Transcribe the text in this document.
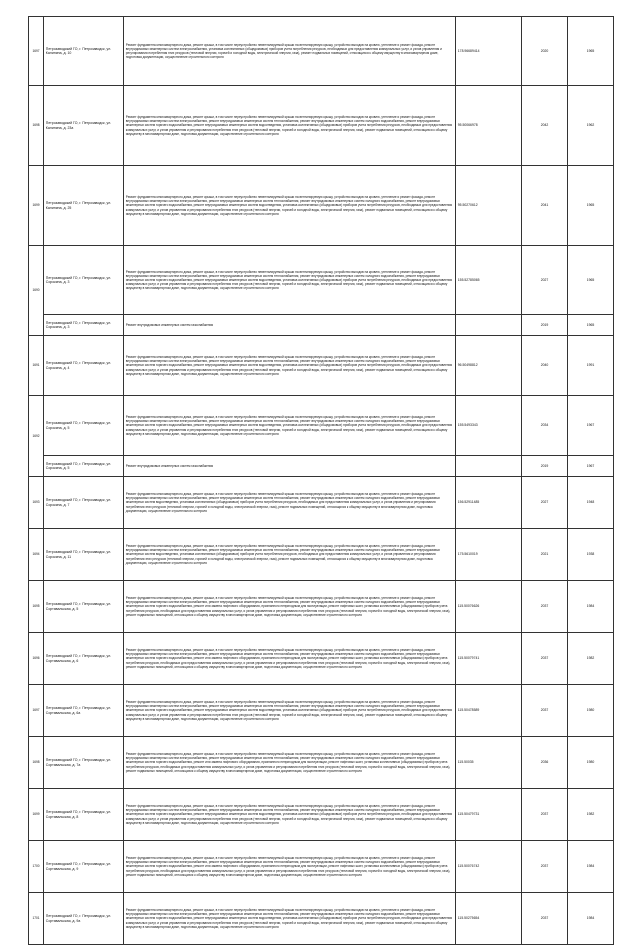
1697	Петрозаводский ГО, г. Петрозаводск, ул. Калинина, д. 10	Ремонт фундамента многоквартирного дома, ремонт крыши, в том числе переустройство невентилируемой крыши на вентилируемую крышу, устройство выходов на кровлю, утепление и ремонт фасада, ремонт внутридомовых инженерных систем электроснабжения, установка коллективных (общедомовых) приборов учета потребления ресурсов, необходимых для предоставления коммунальных услуг, и узлов управления и регулирования потребления этих ресурсов (тепловой энергии, горячей и холодной воды, электрической энергии, газа), ремонт подвальных помещений, относящихся к общему имуществу в многоквартирном доме, подготовка документации, осуществление строительного контроля	178.96689414	2020	1965
1698	Петрозаводский ГО, г. Петрозаводск, ул. Калинина, д. 23а	Ремонт фундамента многоквартирного дома, ремонт крыши, в том числе переустройство невентилируемой крыши на вентилируемую крышу, устройство выходов на кровлю, утепление и ремонт фасада, ремонт внутридомовых инженерных систем электроснабжения, ремонт внутридомовых инженерных систем теплоснабжения, ремонт внутридомовых инженерных систем холодного водоснабжения, ремонт внутридомовых инженерных систем горячего водоснабжения, ремонт внутридомовых инженерных систем водоотведения, установка коллективных (общедомовых) приборов учета потребления ресурсов, необходимых для предоставления коммунальных услуг, и узлов управления и регулирования потребления этих ресурсов (тепловой энергии, горячей и холодной воды, электрической энергии, газа), ремонт подвальных помещений, относящихся к общему имуществу в многоквартирном доме, подготовка документации, осуществление строительного контроля	95.50066978	2042	1962
1699	Петрозаводский ГО, г. Петрозаводск, ул. Калинина, д. 25	Ремонт фундамента многоквартирного дома, ремонт крыши, в том числе переустройство невентилируемой крыши на вентилируемую крышу, устройство выходов на кровлю, утепление и ремонт фасада, ремонт внутридомовых инженерных систем электроснабжения, ремонт внутридомовых инженерных систем теплоснабжения, ремонт внутридомовых инженерных систем холодного водоснабжения, ремонт внутридомовых инженерных систем горячего водоснабжения, ремонт внутридомовых инженерных систем водоотведения, установка коллективных (общедомовых) приборов учета потребления ресурсов, необходимых для предоставления коммунальных услуг, и узлов управления и регулирования потребления этих ресурсов (тепловой энергии, горячей и холодной воды, электрической энергии, газа), ремонт подвальных помещений, относящихся к общему имуществу в многоквартирном доме, подготовка документации, осуществление строительного контроля	95.50270612	2041	1965
1690	Петрозаводский ГО, г. Петрозаводск, ул. Сорокина, д. 3	Ремонт фундамента многоквартирного дома, ремонт крыши, в том числе переустройство невентилируемой крыши на вентилируемую крышу, устройство выходов на кровлю, утепление и ремонт фасада, ремонт внутридомовых инженерных систем электроснабжения, ремонт внутридомовых инженерных систем теплоснабжения, ремонт внутридомовых инженерных систем холодного водоснабжения, ремонт внутридомовых инженерных систем горячего водоснабжения, ремонт внутридомовых инженерных систем водоотведения, установка коллективных (общедомовых) приборов учета потребления ресурсов, необходимых для предоставления коммунальных услуг, и узлов управления и регулирования потребления этих ресурсов (тепловой энергии, горячей и холодной воды, электрической энергии, газа), ремонт подвальных помещений, относящихся к общему имуществу в многоквартирном доме, подготовка документации, осуществление строительного контроля	155.52785065	2027	1965
	Петрозаводский ГО, г. Петрозаводск, ул. Сорокина, д. 3	Ремонт внутридомовых инженерных систем газоснабжения		2019	1965
1691	Петрозаводский ГО, г. Петрозаводск, ул. Сорокина, д. 4	Ремонт фундамента многоквартирного дома, ремонт крыши, в том числе переустройство невентилируемой крыши на вентилируемую крышу, устройство выходов на кровлю, утепление и ремонт фасада, ремонт внутридомовых инженерных систем электроснабжения, ремонт внутридомовых инженерных систем теплоснабжения, ремонт внутридомовых инженерных систем холодного водоснабжения, ремонт внутридомовых инженерных систем горячего водоснабжения, ремонт внутридомовых инженерных систем водоотведения, установка коллективных (общедомовых) приборов учета потребления ресурсов, необходимых для предоставления коммунальных услуг, и узлов управления и регулирования потребления этих ресурсов (тепловой энергии, горячей и холодной воды, электрической энергии, газа), ремонт подвальных помещений, относящихся к общему имуществу в многоквартирном доме, подготовка документации, осуществление строительного контроля	96.50498812	2040	1991
1692	Петрозаводский ГО, г. Петрозаводск, ул. Сорокина, д. 5	Ремонт фундамента многоквартирного дома, ремонт крыши, в том числе переустройство невентилируемой крыши на вентилируемую крышу, устройство выходов на кровлю, утепление и ремонт фасада, ремонт внутридомовых инженерных систем электроснабжения, ремонт внутридомовых инженерных систем теплоснабжения, ремонт внутридомовых инженерных систем холодного водоснабжения, ремонт внутридомовых инженерных систем горячего водоснабжения, ремонт внутридомовых инженерных систем водоотведения, установка коллективных (общедомовых) приборов учета потребления ресурсов, необходимых для предоставления коммунальных услуг, и узлов управления и регулирования потребления этих ресурсов (тепловой энергии, горячей и холодной воды, электрической энергии, газа), ремонт подвальных помещений, относящихся к общему имуществу в многоквартирном доме, подготовка документации, осуществление строительного контроля	155.5493343	2034	1967
	Петрозаводский ГО, г. Петрозаводск, ул. Сорокина, д. 5	Ремонт внутридомовых инженерных систем газоснабжения		2019	1967
1693	Петрозаводский ГО, г. Петрозаводск, ул. Сорокина, д. 7	Ремонт фундамента многоквартирного дома, ремонт крыши, в том числе переустройство невентилируемой крыши на вентилируемую крышу, устройство выходов на кровлю, утепление и ремонт фасада, ремонт внутридомовых инженерных систем электроснабжения, ремонт внутридомовых инженерных систем теплоснабжения, ремонт внутридомовых инженерных систем холодного водоснабжения, ремонт внутридомовых инженерных систем водоотведения, установка коллективных (общедомовых) приборов учета потребления ресурсов, необходимых для предоставления коммунальных услуг, и узлов управления и регулирования потребления этих ресурсов (тепловой энергии, горячей и холодной воды, электрической энергии, газа), ремонт подвальных помещений, относящихся к общему имуществу в многоквартирном доме, подготовка документации, осуществление строительного контроля	156.52911485	2027	1948
1694	Петрозаводский ГО, г. Петрозаводск, ул. Сорокина, д. 11	Ремонт фундамента многоквартирного дома, ремонт крыши, в том числе переустройство невентилируемой крыши на вентилируемую крышу, устройство выходов на кровлю, утепление и ремонт фасада, ремонт внутридомовых инженерных систем электроснабжения, ремонт внутридомовых инженерных систем теплоснабжения, ремонт внутридомовых инженерных систем холодного водоснабжения, ремонт внутридомовых инженерных систем водоотведения, установка коллективных (общедомовых) приборов учета потребления ресурсов, необходимых для предоставления коммунальных услуг, и узлов управления и регулирования потребления этих ресурсов (тепловой энергии, горячей и холодной воды, электрической энергии, газа), ремонт подвальных помещений, относящихся к общему имуществу в многоквартирном доме, подготовка документации, осуществление строительного контроля	175.5610019	2021	1938
1695	Петрозаводский ГО, г. Петрозаводск, ул. Сортавальская, д. 5	Ремонт фундамента многоквартирного дома, ремонт крыши, в том числе переустройство невентилируемой крыши на вентилируемую крышу, устройство выходов на кровлю, утепление и ремонт фасада, ремонт внутридомовых инженерных систем электроснабжения, ремонт внутридомовых инженерных систем теплоснабжения, ремонт внутридомовых инженерных систем холодного водоснабжения, ремонт внутридомовых инженерных систем горячего водоснабжения, ремонт или замена лифтового оборудования, признанного непригодным для эксплуатации, ремонт лифтовых шахт, установка коллективных (общедомовых) приборов учета потребления ресурсов, необходимых для предоставления коммунальных услуг, и узлов управления и регулирования потребления этих ресурсов (тепловой энергии, горячей и холодной воды, электрической энергии, газа), ремонт подвальных помещений, относящихся к общему имуществу в многоквартирном доме, подготовка документации, осуществление строительного контроля	115.50076626	2037	1984
1696	Петрозаводский ГО, г. Петрозаводск, ул. Сортавальская, д. 6	Ремонт фундамента многоквартирного дома, ремонт крыши, в том числе переустройство невентилируемой крыши на вентилируемую крышу, устройство выходов на кровлю, утепление и ремонт фасада, ремонт внутридомовых инженерных систем электроснабжения, ремонт внутридомовых инженерных систем теплоснабжения, ремонт внутридомовых инженерных систем холодного водоснабжения, ремонт внутридомовых инженерных систем горячего водоснабжения, ремонт или замена лифтового оборудования, признанного непригодным для эксплуатации, ремонт лифтовых шахт, установка коллективных (общедомовых) приборов учета потребления ресурсов, необходимых для предоставления коммунальных услуг, и узлов управления и регулирования потребления этих ресурсов (тепловой энергии, горячей и холодной воды, электрической энергии, газа), ремонт подвальных помещений, относящихся к общему имуществу в многоквартирном доме, подготовка документации, осуществление строительного контроля	115.50079741	2037	1982
1697	Петрозаводский ГО, г. Петрозаводск, ул. Сортавальская, д. 6а	Ремонт фундамента многоквартирного дома, ремонт крыши, в том числе переустройство невентилируемой крыши на вентилируемую крышу, устройство выходов на кровлю, утепление и ремонт фасада, ремонт внутридомовых инженерных систем электроснабжения, ремонт внутридомовых инженерных систем теплоснабжения, ремонт внутридомовых инженерных систем холодного водоснабжения, ремонт внутридомовых инженерных систем горячего водоснабжения, ремонт внутридомовых инженерных систем водоотведения, установка коллективных (общедомовых) приборов учета потребления ресурсов, необходимых для предоставления коммунальных услуг, и узлов управления и регулирования потребления этих ресурсов (тепловой энергии, горячей и холодной воды, электрической энергии, газа), ремонт подвальных помещений, относящихся к общему имуществу в многоквартирном доме, подготовка документации, осуществление строительного контроля	115.50478589	2037	1980
1698	Петрозаводский ГО, г. Петрозаводск, ул. Сортавальская, д. 7а	Ремонт фундамента многоквартирного дома, ремонт крыши, в том числе переустройство невентилируемой крыши на вентилируемую крышу, устройство выходов на кровлю, утепление и ремонт фасада, ремонт внутридомовых инженерных систем электроснабжения, ремонт внутридомовых инженерных систем теплоснабжения, ремонт внутридомовых инженерных систем холодного водоснабжения, ремонт внутридомовых инженерных систем горячего водоснабжения, ремонт или замена лифтового оборудования, признанного непригодным для эксплуатации, ремонт лифтовых шахт, установка коллективных (общедомовых) приборов учета потребления ресурсов, необходимых для предоставления коммунальных услуг, и узлов управления и регулирования потребления этих ресурсов (тепловой энергии, горячей и холодной воды, электрической энергии, газа), ремонт подвальных помещений, относящихся к общему имуществу в многоквартирном доме, подготовка документации, осуществление строительного контроля	115.50035	2036	1980
1699	Петрозаводский ГО, г. Петрозаводск, ул. Сортавальская, д. 8	Ремонт фундамента многоквартирного дома, ремонт крыши, в том числе переустройство невентилируемой крыши на вентилируемую крышу, устройство выходов на кровлю, утепление и ремонт фасада, ремонт внутридомовых инженерных систем электроснабжения, ремонт внутридомовых инженерных систем теплоснабжения, ремонт внутридомовых инженерных систем холодного водоснабжения, ремонт внутридомовых инженерных систем горячего водоснабжения, ремонт внутридомовых инженерных систем водоотведения, установка коллективных (общедомовых) приборов учета потребления ресурсов, необходимых для предоставления коммунальных услуг, и узлов управления и регулирования потребления этих ресурсов (тепловой энергии, горячей и холодной воды, электрической энергии, газа), ремонт подвальных помещений, относящихся к общему имуществу в многоквартирном доме, подготовка документации, осуществление строительного контроля	115.50479731	2037	1982
1700	Петрозаводский ГО, г. Петрозаводск, ул. Сортавальская, д. 9	Ремонт фундамента многоквартирного дома, ремонт крыши, в том числе переустройство невентилируемой крыши на вентилируемую крышу, устройство выходов на кровлю, утепление и ремонт фасада, ремонт внутридомовых инженерных систем электроснабжения, ремонт внутридомовых инженерных систем теплоснабжения, ремонт внутридомовых инженерных систем холодного водоснабжения, ремонт внутридомовых инженерных систем горячего водоснабжения, ремонт или замена лифтового оборудования, признанного непригодным для эксплуатации, ремонт лифтовых шахт, установка коллективных (общедомовых) приборов учета потребления ресурсов, необходимых для предоставления коммунальных услуг, и узлов управления и регулирования потребления этих ресурсов (тепловой энергии, горячей и холодной воды, электрической энергии, газа), ремонт подвальных помещений, относящихся к общему имуществу в многоквартирном доме, подготовка документации, осуществление строительного контроля	115.50076742	2037	1984
1701	Петрозаводский ГО, г. Петрозаводск, ул. Сортавальская, д. 9а	Ремонт фундамента многоквартирного дома, ремонт крыши, в том числе переустройство невентилируемой крыши на вентилируемую крышу, устройство выходов на кровлю, утепление и ремонт фасада, ремонт внутридомовых инженерных систем электроснабжения, ремонт внутридомовых инженерных систем теплоснабжения, ремонт внутридомовых инженерных систем холодного водоснабжения, ремонт внутридомовых инженерных систем горячего водоснабжения, ремонт внутридомовых инженерных систем водоотведения, установка коллективных (общедомовых) приборов учета потребления ресурсов, необходимых для предоставления коммунальных услуг, и узлов управления и регулирования потребления этих ресурсов (тепловой энергии, горячей и холодной воды, электрической энергии, газа), ремонт подвальных помещений, относящихся к общему имуществу в многоквартирном доме, подготовка документации, осуществление строительного контроля	115.50275654	2037	1984
